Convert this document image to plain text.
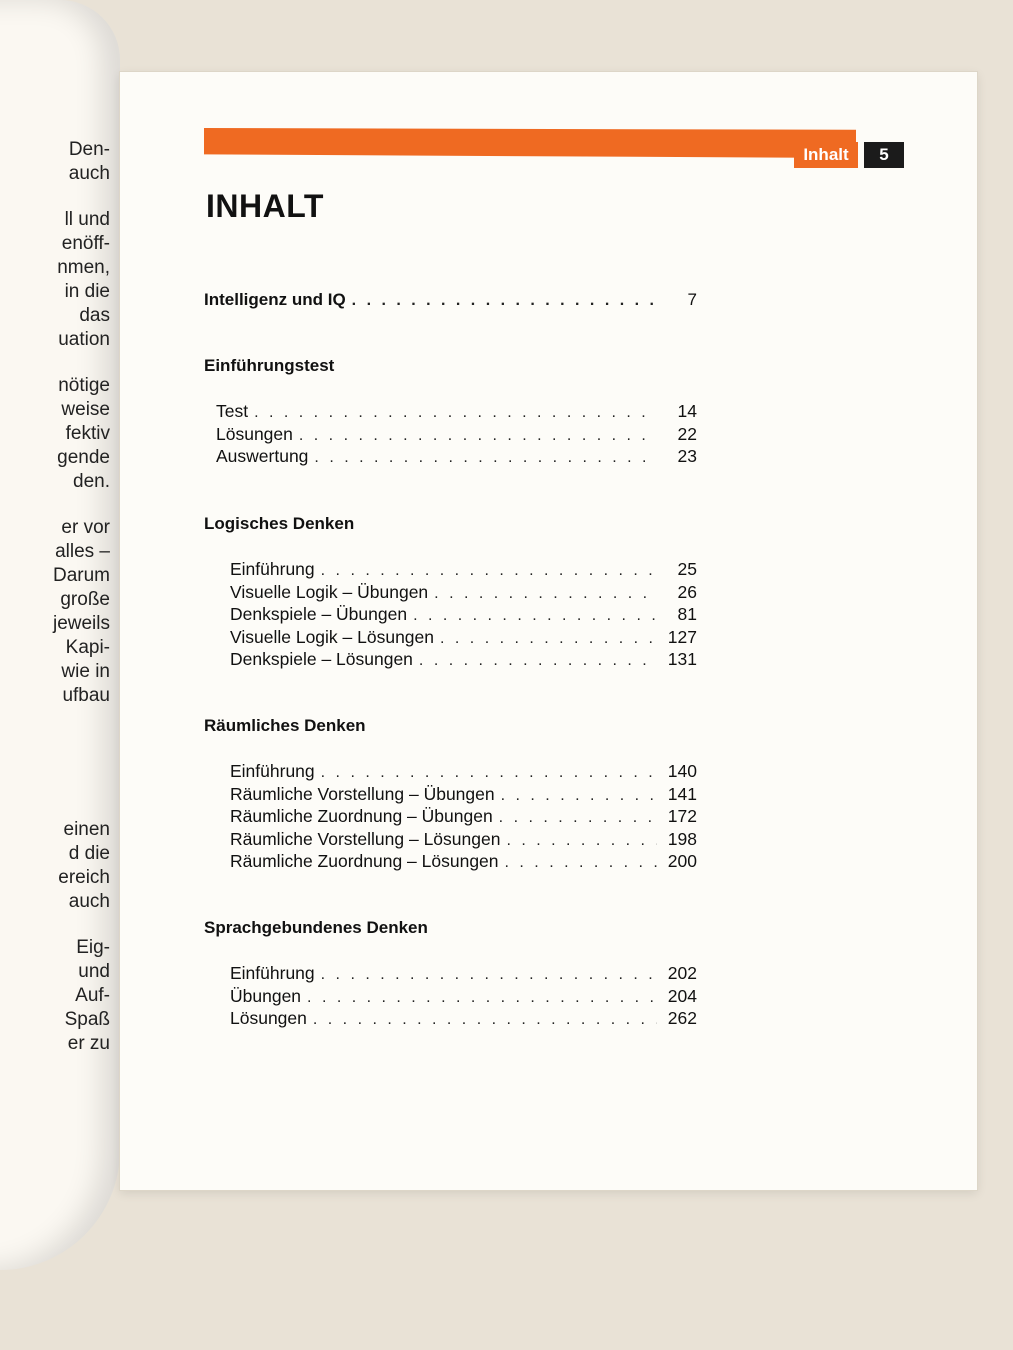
Den-
auch
ll und
enöff-
nmen,
in die
das
uation
nötige
weise
fektiv
gende
den.
er vor
alles –
Darum
große
jeweils
Kapi-
wie in
ufbau
einen
d die
ereich
auch
Eig-
und
Auf-
Spaß
er zu
Inhalt	5
INHALT
Intelligenz und IQ . . .	7
Einführungstest
Test . . .	14
Lösungen . . .	22
Auswertung . . .	23
Logisches Denken
Einführung . . .	25
Visuelle Logik – Übungen . . .	26
Denkspiele – Übungen . . .	81
Visuelle Logik – Lösungen . . .	127
Denkspiele – Lösungen . . .	131
Räumliches Denken
Einführung . . .	140
Räumliche Vorstellung – Übungen . . .	141
Räumliche Zuordnung – Übungen . . .	172
Räumliche Vorstellung – Lösungen . . .	198
Räumliche Zuordnung – Lösungen . . .	200
Sprachgebundenes Denken
Einführung . . .	202
Übungen . . .	204
Lösungen . . .	262
